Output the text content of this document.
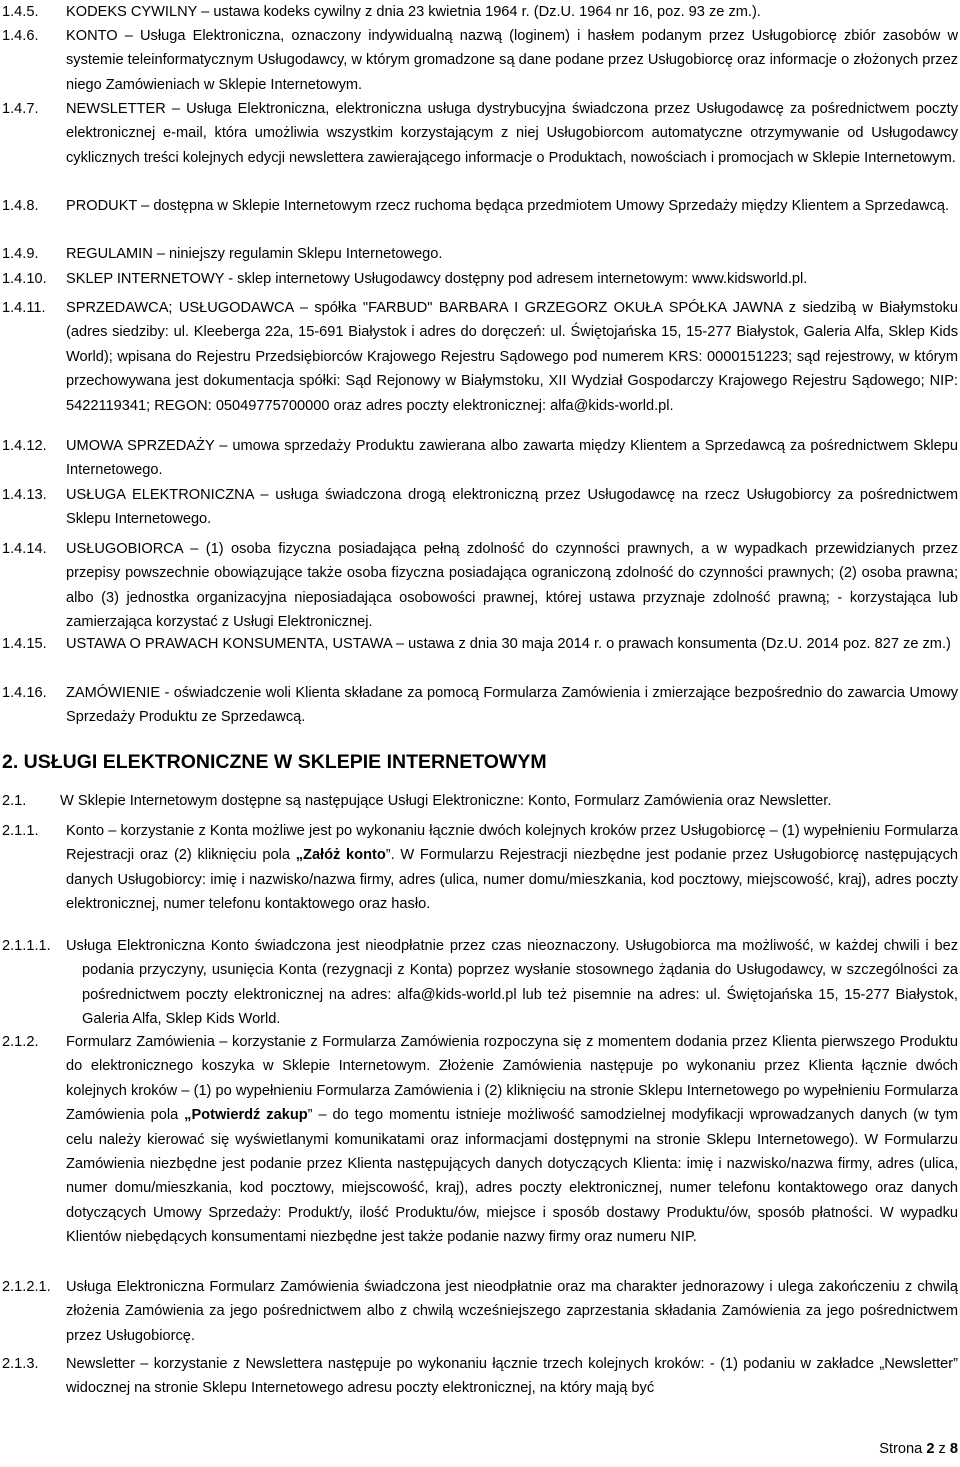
1.4.5. KODEKS CYWILNY – ustawa kodeks cywilny z dnia 23 kwietnia 1964 r. (Dz.U. 1964 nr 16, poz. 93 ze zm.).
1.4.6. KONTO – Usługa Elektroniczna, oznaczony indywidualną nazwą (loginem) i hasłem podanym przez Usługobiorcę zbiór zasobów w systemie teleinformatycznym Usługodawcy, w którym gromadzone są dane podane przez Usługobiorcę oraz informacje o złożonych przez niego Zamówieniach w Sklepie Internetowym.
1.4.7. NEWSLETTER – Usługa Elektroniczna, elektroniczna usługa dystrybucyjna świadczona przez Usługodawcę za pośrednictwem poczty elektronicznej e-mail, która umożliwia wszystkim korzystającym z niej Usługobiorcom automatyczne otrzymywanie od Usługodawcy cyklicznych treści kolejnych edycji newslettera zawierającego informacje o Produktach, nowościach i promocjach w Sklepie Internetowym.
1.4.8. PRODUKT – dostępna w Sklepie Internetowym rzecz ruchoma będąca przedmiotem Umowy Sprzedaży między Klientem a Sprzedawcą.
1.4.9. REGULAMIN – niniejszy regulamin Sklepu Internetowego.
1.4.10. SKLEP INTERNETOWY - sklep internetowy Usługodawcy dostępny pod adresem internetowym: www.kidsworld.pl.
1.4.11. SPRZEDAWCA; USŁUGODAWCA – spółka "FARBUD" BARBARA I GRZEGORZ OKUŁA SPÓŁKA JAWNA z siedzibą w Białymstoku (adres siedziby: ul. Kleeberga 22a, 15-691 Białystok i adres do doręczeń: ul. Świętojańska 15, 15-277 Białystok, Galeria Alfa, Sklep Kids World); wpisana do Rejestru Przedsiębiorców Krajowego Rejestru Sądowego pod numerem KRS: 0000151223; sąd rejestrowy, w którym przechowywana jest dokumentacja spółki: Sąd Rejonowy w Białymstoku, XII Wydział Gospodarczy Krajowego Rejestru Sądowego; NIP: 5422119341; REGON: 05049775700000 oraz adres poczty elektronicznej: alfa@kids-world.pl.
1.4.12. UMOWA SPRZEDAŻY – umowa sprzedaży Produktu zawierana albo zawarta między Klientem a Sprzedawcą za pośrednictwem Sklepu Internetowego.
1.4.13. USŁUGA ELEKTRONICZNA – usługa świadczona drogą elektroniczną przez Usługodawcę na rzecz Usługobiorcy za pośrednictwem Sklepu Internetowego.
1.4.14. USŁUGOBIORCA – (1) osoba fizyczna posiadająca pełną zdolność do czynności prawnych, a w wypadkach przewidzianych przez przepisy powszechnie obowiązujące także osoba fizyczna posiadająca ograniczoną zdolność do czynności prawnych; (2) osoba prawna; albo (3) jednostka organizacyjna nieposiadająca osobowości prawnej, której ustawa przyznaje zdolność prawną; - korzystająca lub zamierzająca korzystać z Usługi Elektronicznej.
1.4.15. USTAWA O PRAWACH KONSUMENTA, USTAWA – ustawa z dnia 30 maja 2014 r. o prawach konsumenta (Dz.U. 2014 poz. 827 ze zm.)
1.4.16. ZAMÓWIENIE - oświadczenie woli Klienta składane za pomocą Formularza Zamówienia i zmierzające bezpośrednio do zawarcia Umowy Sprzedaży Produktu ze Sprzedawcą.
2. USŁUGI ELEKTRONICZNE W SKLEPIE INTERNETOWYM
2.1. W Sklepie Internetowym dostępne są następujące Usługi Elektroniczne: Konto, Formularz Zamówienia oraz Newsletter.
2.1.1. Konto – korzystanie z Konta możliwe jest po wykonaniu łącznie dwóch kolejnych kroków przez Usługobiorcę – (1) wypełnieniu Formularza Rejestracji oraz (2) kliknięciu pola „Załóż konto”. W Formularzu Rejestracji niezbędne jest podanie przez Usługobiorcę następujących danych Usługobiorcy: imię i nazwisko/nazwa firmy, adres (ulica, numer domu/mieszkania, kod pocztowy, miejscowość, kraj), adres poczty elektronicznej, numer telefonu kontaktowego oraz hasło.
2.1.1.1. Usługa Elektroniczna Konto świadczona jest nieodpłatnie przez czas nieoznaczony. Usługobiorca ma możliwość, w każdej chwili i bez podania przyczyny, usunięcia Konta (rezygnacji z Konta) poprzez wysłanie stosownego żądania do Usługodawcy, w szczególności za pośrednictwem poczty elektronicznej na adres: alfa@kids-world.pl lub też pisemnie na adres: ul. Świętojańska 15, 15-277 Białystok, Galeria Alfa, Sklep Kids World.
2.1.2. Formularz Zamówienia – korzystanie z Formularza Zamówienia rozpoczyna się z momentem dodania przez Klienta pierwszego Produktu do elektronicznego koszyka w Sklepie Internetowym. Złożenie Zamówienia następuje po wykonaniu przez Klienta łącznie dwóch kolejnych kroków – (1) po wypełnieniu Formularza Zamówienia i (2) kliknięciu na stronie Sklepu Internetowego po wypełnieniu Formularza Zamówienia pola „Potwierdź zakup” – do tego momentu istnieje możliwość samodzielnej modyfikacji wprowadzanych danych (w tym celu należy kierować się wyświetlanymi komunikatami oraz informacjami dostępnymi na stronie Sklepu Internetowego). W Formularzu Zamówienia niezbędne jest podanie przez Klienta następujących danych dotyczących Klienta: imię i nazwisko/nazwa firmy, adres (ulica, numer domu/mieszkania, kod pocztowy, miejscowość, kraj), adres poczty elektronicznej, numer telefonu kontaktowego oraz danych dotyczących Umowy Sprzedaży: Produkt/y, ilość Produktu/ów, miejsce i sposób dostawy Produktu/ów, sposób płatności. W wypadku Klientów niebędących konsumentami niezbędne jest także podanie nazwy firmy oraz numeru NIP.
2.1.2.1. Usługa Elektroniczna Formularz Zamówienia świadczona jest nieodpłatnie oraz ma charakter jednorazowy i ulega zakończeniu z chwilą złożenia Zamówienia za jego pośrednictwem albo z chwilą wcześniejszego zaprzestania składania Zamówienia za jego pośrednictwem przez Usługobiorcę.
2.1.3. Newsletter – korzystanie z Newslettera następuje po wykonaniu łącznie trzech kolejnych kroków: - (1) podaniu w zakładce „Newsletter” widocznej na stronie Sklepu Internetowego adresu poczty elektronicznej, na który mają być
Strona 2 z 8
